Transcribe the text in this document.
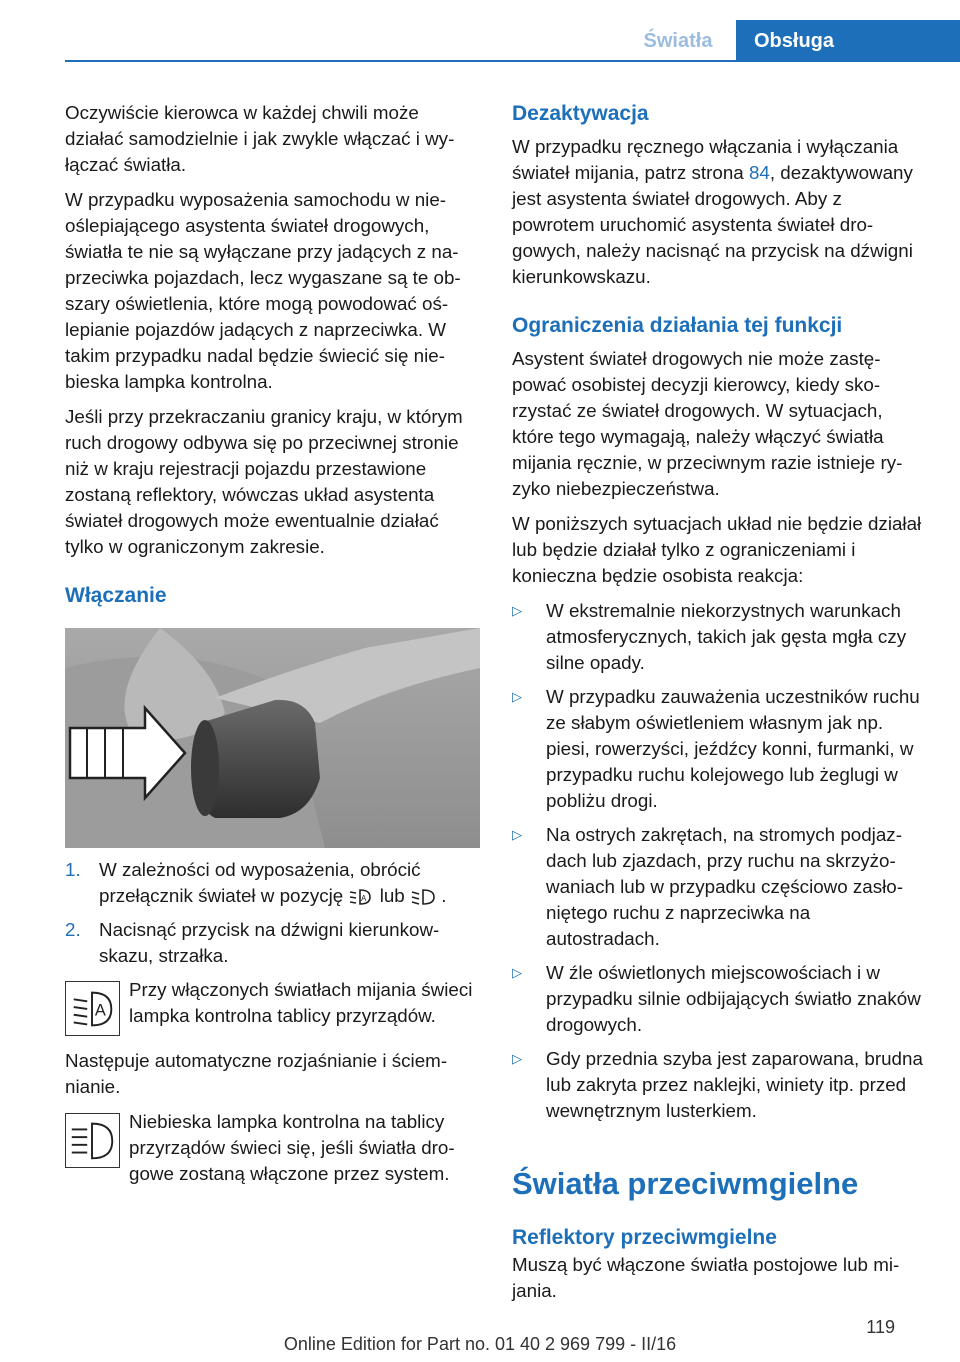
Światła	Obsługa

Oczywiście kierowca w każdej chwili może działać samodzielnie i jak zwykle włączać i wyłączać światła.

W przypadku wyposażenia samochodu w nieoślepiającego asystenta świateł drogowych, światła te nie są wyłączane przy jadących z naprzeciwka pojazdach, lecz wygaszane są te obszary oświetlenia, które mogą powodować oślepianie pojazdów jadących z naprzeciwka. W takim przypadku nadal będzie świecić się niebieska lampka kontrolna.

Jeśli przy przekraczaniu granicy kraju, w którym ruch drogowy odbywa się po przeciwnej stronie niż w kraju rejestracji pojazdu przestawione zostaną reflektory, wówczas układ asystenta świateł drogowych może ewentualnie działać tylko w ograniczonym zakresie.

Włączanie
1. W zależności od wyposażenia, obrócić przełącznik świateł w pozycję A lub .
2. Nacisnąć przycisk na dźwigni kierunkowskazu, strzałka.
A
Przy włączonych światłach mijania świeci lampka kontrolna tablicy przyrządów.

Następuje automatyczne rozjaśnianie i ściemnianie.

Niebieska lampka kontrolna na tablicy przyrządów świeci się, jeśli światła drogowe zostaną włączone przez system.
Dezaktywacja

W przypadku ręcznego włączania i wyłączania świateł mijania, patrz strona 84, dezaktywowany jest asystenta świateł drogowych. Aby z powrotem uruchomić asystenta świateł drogowych, należy nacisnąć na przycisk na dźwigni kierunkowskazu.

Ograniczenia działania tej funkcji

Asystent świateł drogowych nie może zastępować osobistej decyzji kierowcy, kiedy skorzystać ze świateł drogowych. W sytuacjach, które tego wymagają, należy włączyć światła mijania ręcznie, w przeciwnym razie istnieje ryzyko niebezpieczeństwa.

W poniższych sytuacjach układ nie będzie działał lub będzie działał tylko z ograniczeniami i konieczna będzie osobista reakcja:

▷	W ekstremalnie niekorzystnych warunkach atmosferycznych, takich jak gęsta mgła czy silne opady.
▷	W przypadku zauważenia uczestników ruchu ze słabym oświetleniem własnym jak np. piesi, rowerzyści, jeźdźcy konni, furmanki, w przypadku ruchu kolejowego lub żeglugi w pobliżu drogi.
▷	Na ostrych zakrętach, na stromych podjazdach lub zjazdach, przy ruchu na skrzyżowaniach lub w przypadku częściowo zasłoniętego ruchu z naprzeciwka na autostradach.
▷	W źle oświetlonych miejscowościach i w przypadku silnie odbijających światło znaków drogowych.
▷	Gdy przednia szyba jest zaparowana, brudna lub zakryta przez naklejki, winiety itp. przed wewnętrznym lusterkiem.
Światła przeciwmgielne
Reflektory przeciwmgielne

Muszą być włączone światła postojowe lub mijania.

119
Online Edition for Part no. 01 40 2 969 799 - II/16
